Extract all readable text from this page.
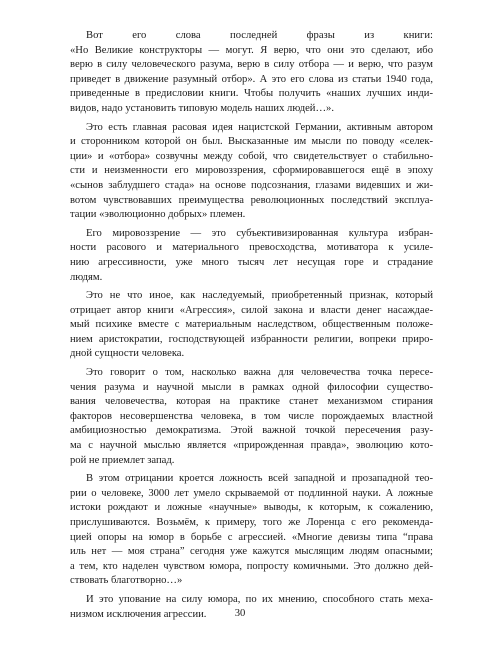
Вот его слова последней фразы из книги:
«Но Великие конструкторы — могут. Я верю, что они это сделают, ибо
верю в силу человеческого разума, верю в силу отбора — и верю, что разум
приведет в движение разумный отбор». А это его слова из статьи 1940 года,
приведенные в предисловии книги. Чтобы получить «наших лучших инди-
видов, надо установить типовую модель наших людей…».

Это есть главная расовая идея нацистской Германии, активным автором
и сторонником которой он был. Высказанные им мысли по поводу «селек-
ции» и «отбора» созвучны между собой, что свидетельствует о стабильно-
сти и неизменности его мировоззрения, сформировавшегося ещё в эпоху
«сынов заблудшего стада» на основе подсознания, глазами видевших и жи-
вотом чувствовавших преимущества революционных последствий эксплуа-
тации «эволюционно добрых» племен.

Его мировоззрение — это субъективизированная культура избран-
ности расового и материального превосходства, мотиватора к усиле-
нию агрессивности, уже много тысяч лет несущая горе и страдание
людям.

Это не что иное, как наследуемый, приобретенный признак, который
отрицает автор книги «Агрессия», силой закона и власти денег насаждае-
мый психике вместе с материальным наследством, общественным положе-
нием аристократии, господствующей избранности религии, вопреки приро-
дной сущности человека.

Это говорит о том, насколько важна для человечества точка пересе-
чения разума и научной мысли в рамках одной философии существо-
вания человечества, которая на практике станет механизмом стирания
факторов несовершенства человека, в том числе порождаемых властной
амбициозностью демократизма. Этой важной точкой пересечения разу-
ма с научной мыслью является «прирожденная правда», эволюцию кото-
рой не приемлет запад.

В этом отрицании кроется ложность всей западной и прозападной тео-
рии о человеке, 3000 лет умело скрываемой от подлинной науки. А ложные
истоки рождают и ложные «научные» выводы, к которым, к сожалению,
прислушиваются. Возьмём, к примеру, того же Лоренца с его рекоменда-
цией опоры на юмор в борьбе с агрессией. «Многие девизы типа “права
иль нет — моя страна” сегодня уже кажутся мыслящим людям опасными;
а тем, кто наделен чувством юмора, попросту комичными. Это должно дей-
ствовать благотворно…»

И это упование на силу юмора, по их мнению, способного стать меха-
низмом исключения агрессии.	30
